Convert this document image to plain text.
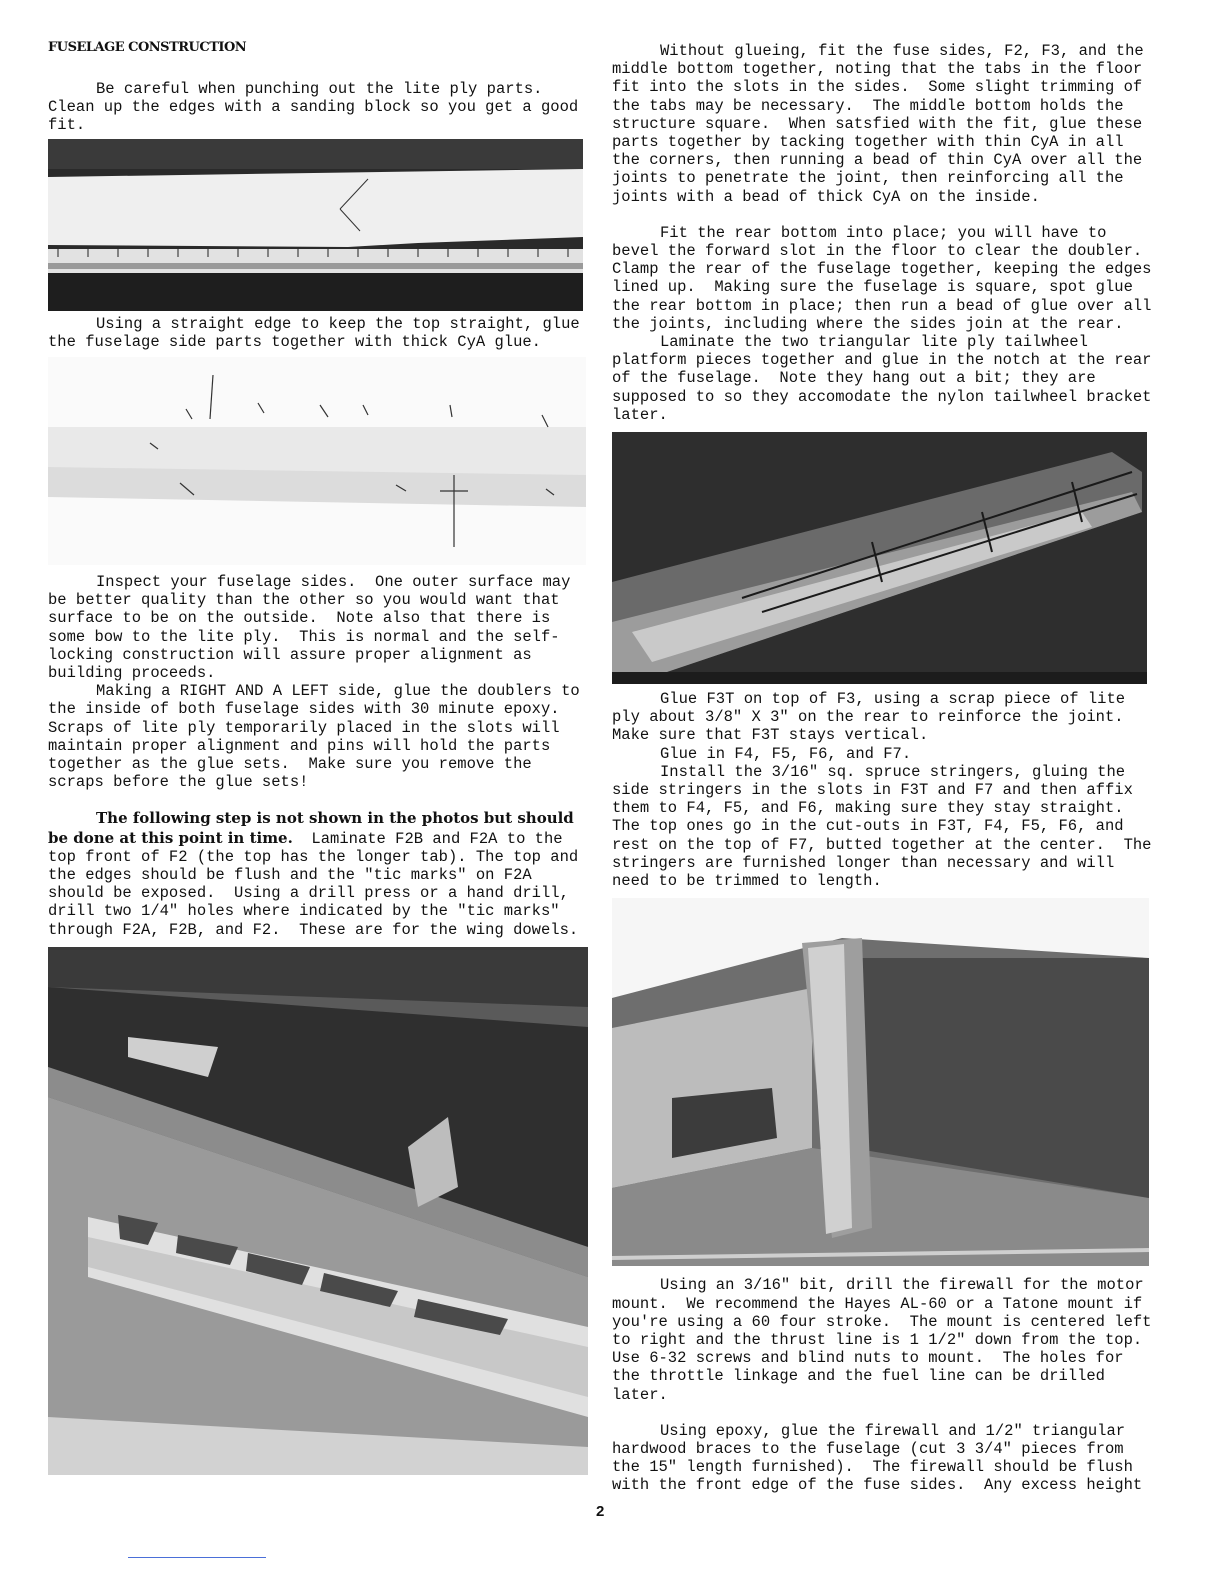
FUSELAGE CONSTRUCTION

Be careful when punching out the lite ply parts. Clean up the edges with a sanding block so you get a good fit.

Using a straight edge to keep the top straight, glue the fuselage side parts together with thick CyA glue.

Inspect your fuselage sides.  One outer surface may be better quality than the other so you would want that surface to be on the outside.  Note also that there is some bow to the lite ply.  This is normal and the self-locking construction will assure proper alignment as building proceeds.

Making a RIGHT AND A LEFT side, glue the doublers to the inside of both fuselage sides with 30 minute epoxy. Scraps of lite ply temporarily placed in the slots will maintain proper alignment and pins will hold the parts together as the glue sets.  Make sure you remove the scraps before the glue sets!

The following step is not shown in the photos but should be done at this point in time.  Laminate F2B and F2A to the top front of F2 (the top has the longer tab). The top and the edges should be flush and the "tic marks" on F2A should be exposed.  Using a drill press or a hand drill, drill two 1/4" holes where indicated by the "tic marks" through F2A, F2B, and F2.  These are for the wing dowels.

Without glueing, fit the fuse sides, F2, F3, and the middle bottom together, noting that the tabs in the floor fit into the slots in the sides.  Some slight trimming of the tabs may be necessary.  The middle bottom holds the structure square.  When satsfied with the fit, glue these parts together by tacking together with thin CyA in all the corners, then running a bead of thin CyA over all the joints to penetrate the joint, then reinforcing all the joints with a bead of thick CyA on the inside.

Fit the rear bottom into place; you will have to bevel the forward slot in the floor to clear the doubler.  Clamp the rear of the fuselage together, keeping the edges lined up.  Making sure the fuselage is square, spot glue the rear bottom in place; then run a bead of glue over all the joints, including where the sides join at the rear.

Laminate the two triangular lite ply tailwheel platform pieces together and glue in the notch at the rear of the fuselage.  Note they hang out a bit; they are supposed to so they accomodate the nylon tailwheel bracket later.

Glue F3T on top of F3, using a scrap piece of lite ply about 3/8" X 3" on the rear to reinforce the joint. Make sure that F3T stays vertical.

Glue in F4, F5, F6, and F7.

Install the 3/16" sq. spruce stringers, gluing the side stringers in the slots in F3T and F7 and then affix them to F4, F5, and F6, making sure they stay straight. The top ones go in the cut-outs in F3T, F4, F5, F6, and rest on the top of F7, butted together at the center.  The stringers are furnished longer than necessary and will need to be trimmed to length.

Using an 3/16" bit, drill the firewall for the motor mount.  We recommend the Hayes AL-60 or a Tatone mount if you're using a 60 four stroke.  The mount is centered left to right and the thrust line is 1 1/2" down from the top. Use 6-32 screws and blind nuts to mount.  The holes for the throttle linkage and the fuel line can be drilled later.

Using epoxy, glue the firewall and 1/2" triangular hardwood braces to the fuselage (cut 3 3/4" pieces from the 15" length furnished).  The firewall should be flush with the front edge of the fuse sides.  Any excess height

2
